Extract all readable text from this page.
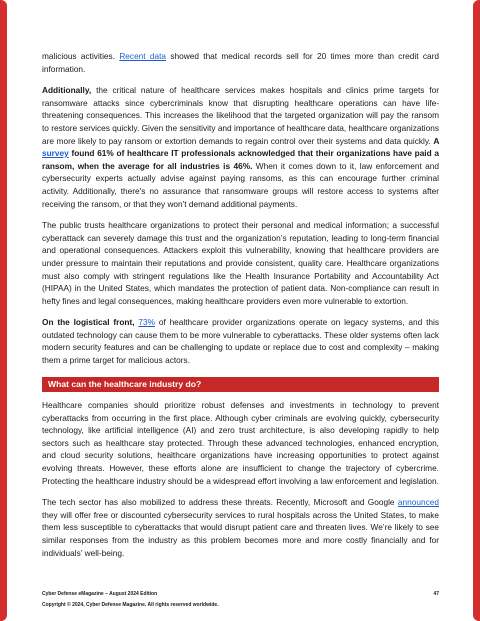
malicious activities. Recent data showed that medical records sell for 20 times more than credit card information.

Additionally, the critical nature of healthcare services makes hospitals and clinics prime targets for ransomware attacks since cybercriminals know that disrupting healthcare operations can have life-threatening consequences. This increases the likelihood that the targeted organization will pay the ransom to restore services quickly. Given the sensitivity and importance of healthcare data, healthcare organizations are more likely to pay ransom or extortion demands to regain control over their systems and data quickly. A survey found 61% of healthcare IT professionals acknowledged that their organizations have paid a ransom, when the average for all industries is 46%. When it comes down to it, law enforcement and cybersecurity experts actually advise against paying ransoms, as this can encourage further criminal activity. Additionally, there's no assurance that ransomware groups will restore access to systems after receiving the ransom, or that they won't demand additional payments.

The public trusts healthcare organizations to protect their personal and medical information; a successful cyberattack can severely damage this trust and the organization’s reputation, leading to long-term financial and operational consequences. Attackers exploit this vulnerability, knowing that healthcare providers are under pressure to maintain their reputations and provide consistent, quality care. Healthcare organizations must also comply with stringent regulations like the Health Insurance Portability and Accountability Act (HIPAA) in the United States, which mandates the protection of patient data. Non-compliance can result in hefty fines and legal consequences, making healthcare providers even more vulnerable to extortion.

On the logistical front, 73% of healthcare provider organizations operate on legacy systems, and this outdated technology can cause them to be more vulnerable to cyberattacks. These older systems often lack modern security features and can be challenging to update or replace due to cost and complexity – making them a prime target for malicious actors.

What can the healthcare industry do?

Healthcare companies should prioritize robust defenses and investments in technology to prevent cyberattacks from occurring in the first place. Although cyber criminals are evolving quickly, cybersecurity technology, like artificial intelligence (AI) and zero trust architecture, is also developing rapidly to help sectors such as healthcare stay protected. Through these advanced technologies, enhanced encryption, and cloud security solutions, healthcare organizations have increasing opportunities to protect against evolving threats. However, these efforts alone are insufficient to change the trajectory of cybercrime. Protecting the healthcare industry should be a widespread effort involving a law enforcement and legislation.

The tech sector has also mobilized to address these threats. Recently, Microsoft and Google announced they will offer free or discounted cybersecurity services to rural hospitals across the United States, to make them less susceptible to cyberattacks that would disrupt patient care and threaten lives. We’re likely to see similar responses from the industry as this problem becomes more and more costly financially and for individuals’ well-being.

Cyber Defense eMagazine – August 2024 Edition	47
Copyright © 2024, Cyber Defense Magazine. All rights reserved worldwide.
